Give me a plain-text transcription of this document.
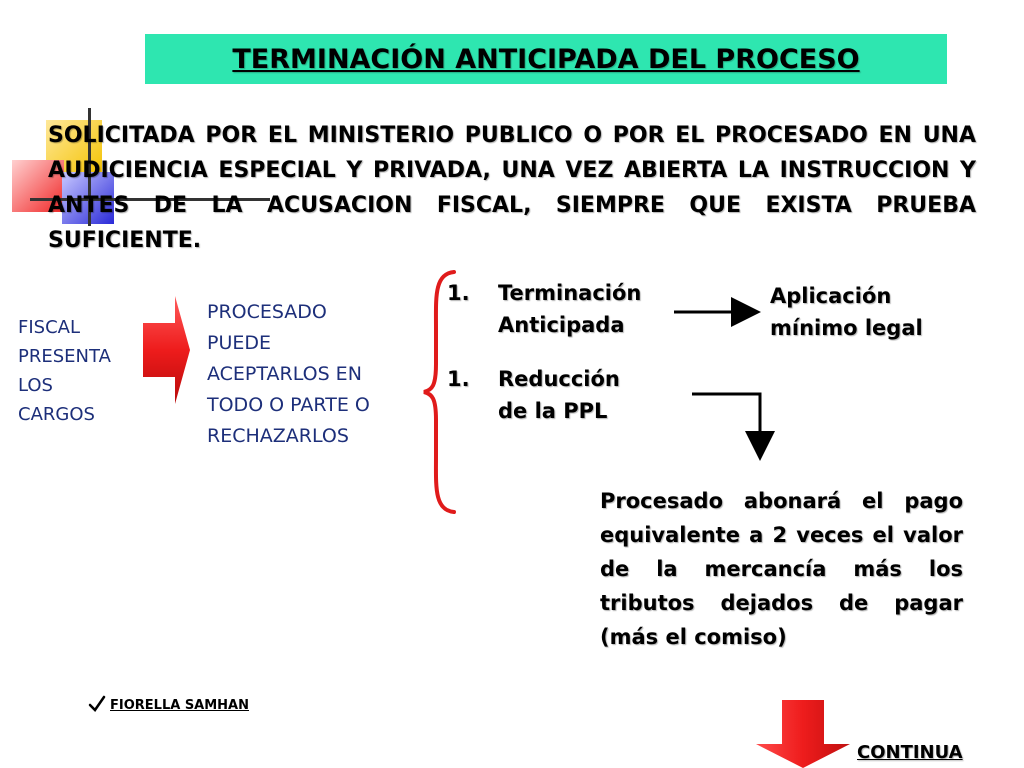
TERMINACIÓN ANTICIPADA DEL PROCESO
SOLICITADA POR EL MINISTERIO PUBLICO O POR EL PROCESADO EN UNA AUDICIENCIA ESPECIAL Y PRIVADA, UNA VEZ ABIERTA LA INSTRUCCION Y ANTES DE LA ACUSACION FISCAL, SIEMPRE QUE EXISTA PRUEBA SUFICIENTE.
FISCAL
PRESENTA
LOS
CARGOS
PROCESADO
PUEDE
ACEPTARLOS EN
TODO O PARTE O
RECHAZARLOS
1. Terminación
Anticipada
1. Reducción
de la PPL
Aplicación
mínimo legal
Procesado abonará el pago equivalente a 2 veces el valor de la mercancía más los tributos dejados de pagar (más el comiso)
FIORELLA SAMHAN
CONTINUA
